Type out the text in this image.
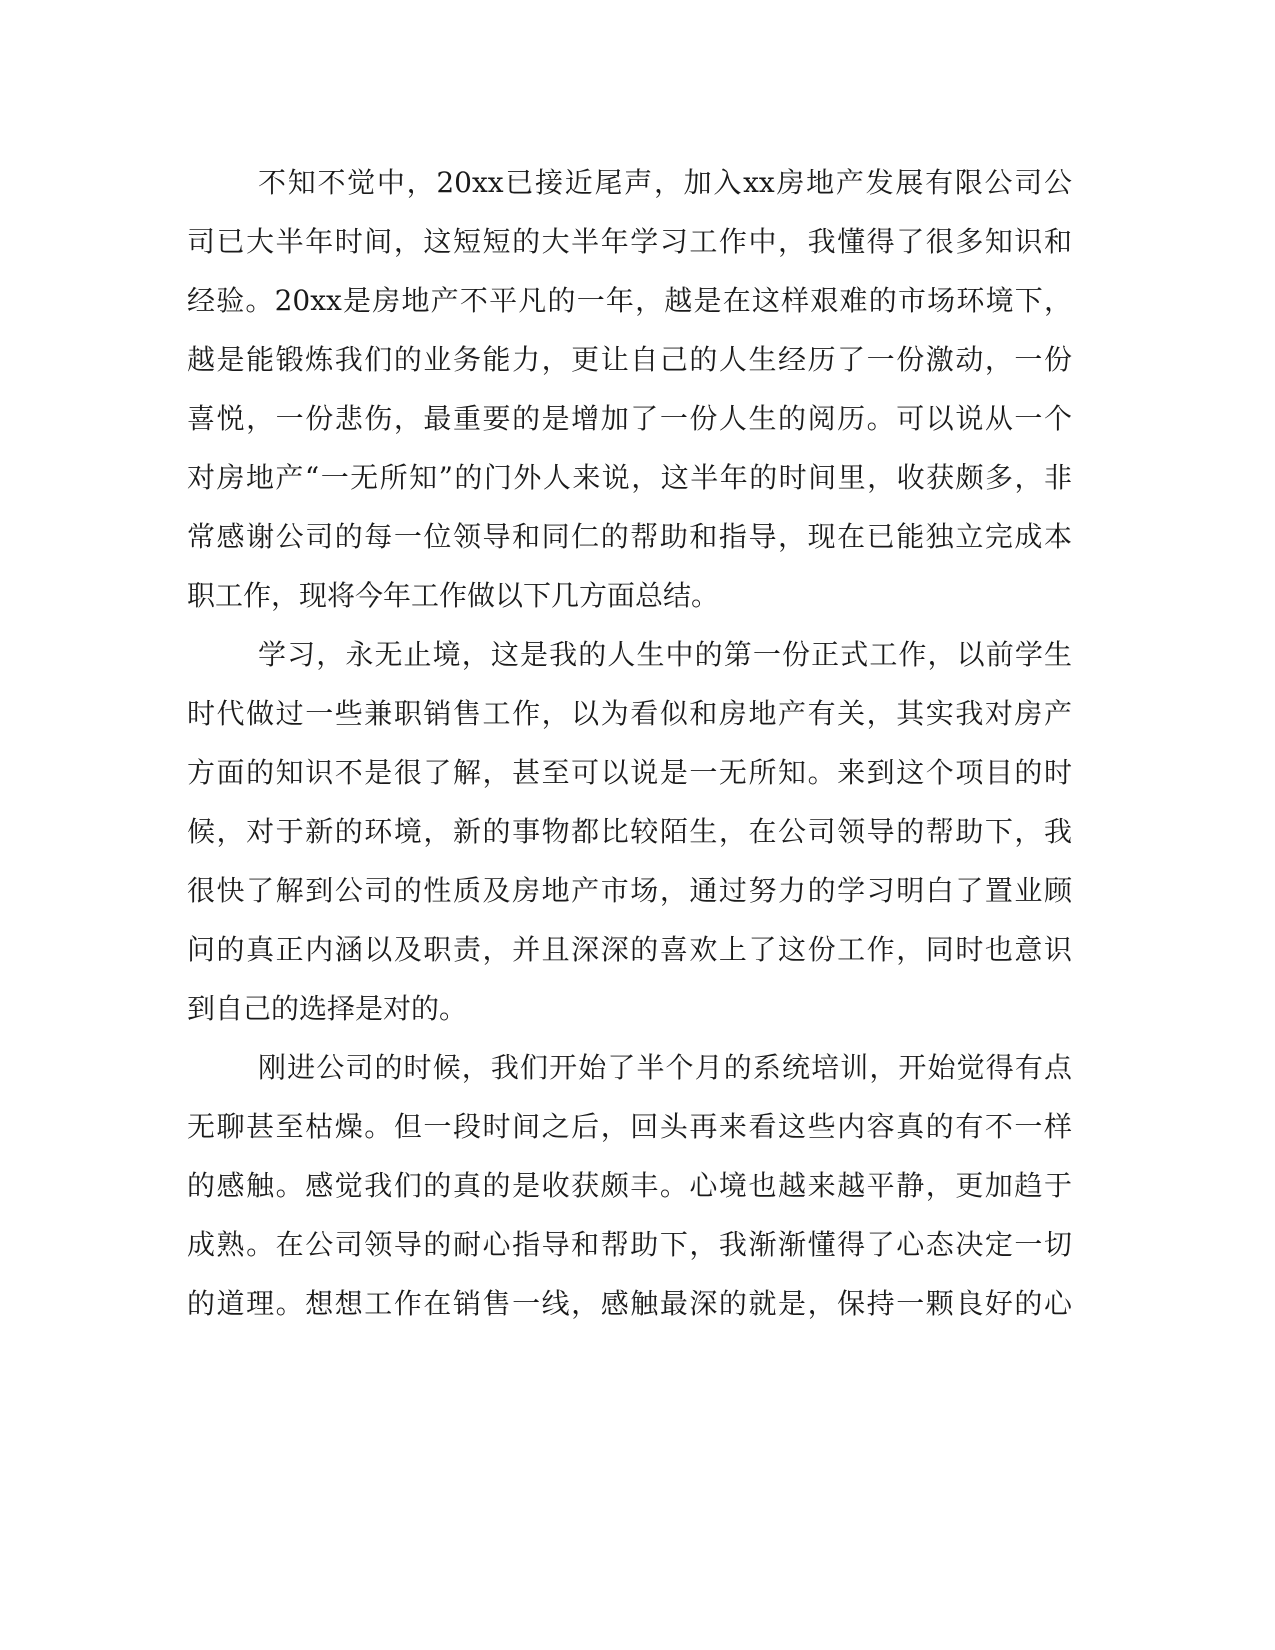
不知不觉中，20xx已接近尾声，加入xx房地产发展有限公司公
司已大半年时间，这短短的大半年学习工作中，我懂得了很多知识和
经验。20xx是房地产不平凡的一年，越是在这样艰难的市场环境下，
越是能锻炼我们的业务能力，更让自己的人生经历了一份激动，一份
喜悦，一份悲伤，最重要的是增加了一份人生的阅历。可以说从一个
对房地产“一无所知”的门外人来说，这半年的时间里，收获颇多，非
常感谢公司的每一位领导和同仁的帮助和指导，现在已能独立完成本
职工作，现将今年工作做以下几方面总结。
学习，永无止境，这是我的人生中的第一份正式工作，以前学生
时代做过一些兼职销售工作，以为看似和房地产有关，其实我对房产
方面的知识不是很了解，甚至可以说是一无所知。来到这个项目的时
候，对于新的环境，新的事物都比较陌生，在公司领导的帮助下，我
很快了解到公司的性质及房地产市场，通过努力的学习明白了置业顾
问的真正内涵以及职责，并且深深的喜欢上了这份工作，同时也意识
到自己的选择是对的。
刚进公司的时候，我们开始了半个月的系统培训，开始觉得有点
无聊甚至枯燥。但一段时间之后，回头再来看这些内容真的有不一样
的感触。感觉我们的真的是收获颇丰。心境也越来越平静，更加趋于
成熟。在公司领导的耐心指导和帮助下，我渐渐懂得了心态决定一切
的道理。想想工作在销售一线，感触最深的就是，保持一颗良好的心
